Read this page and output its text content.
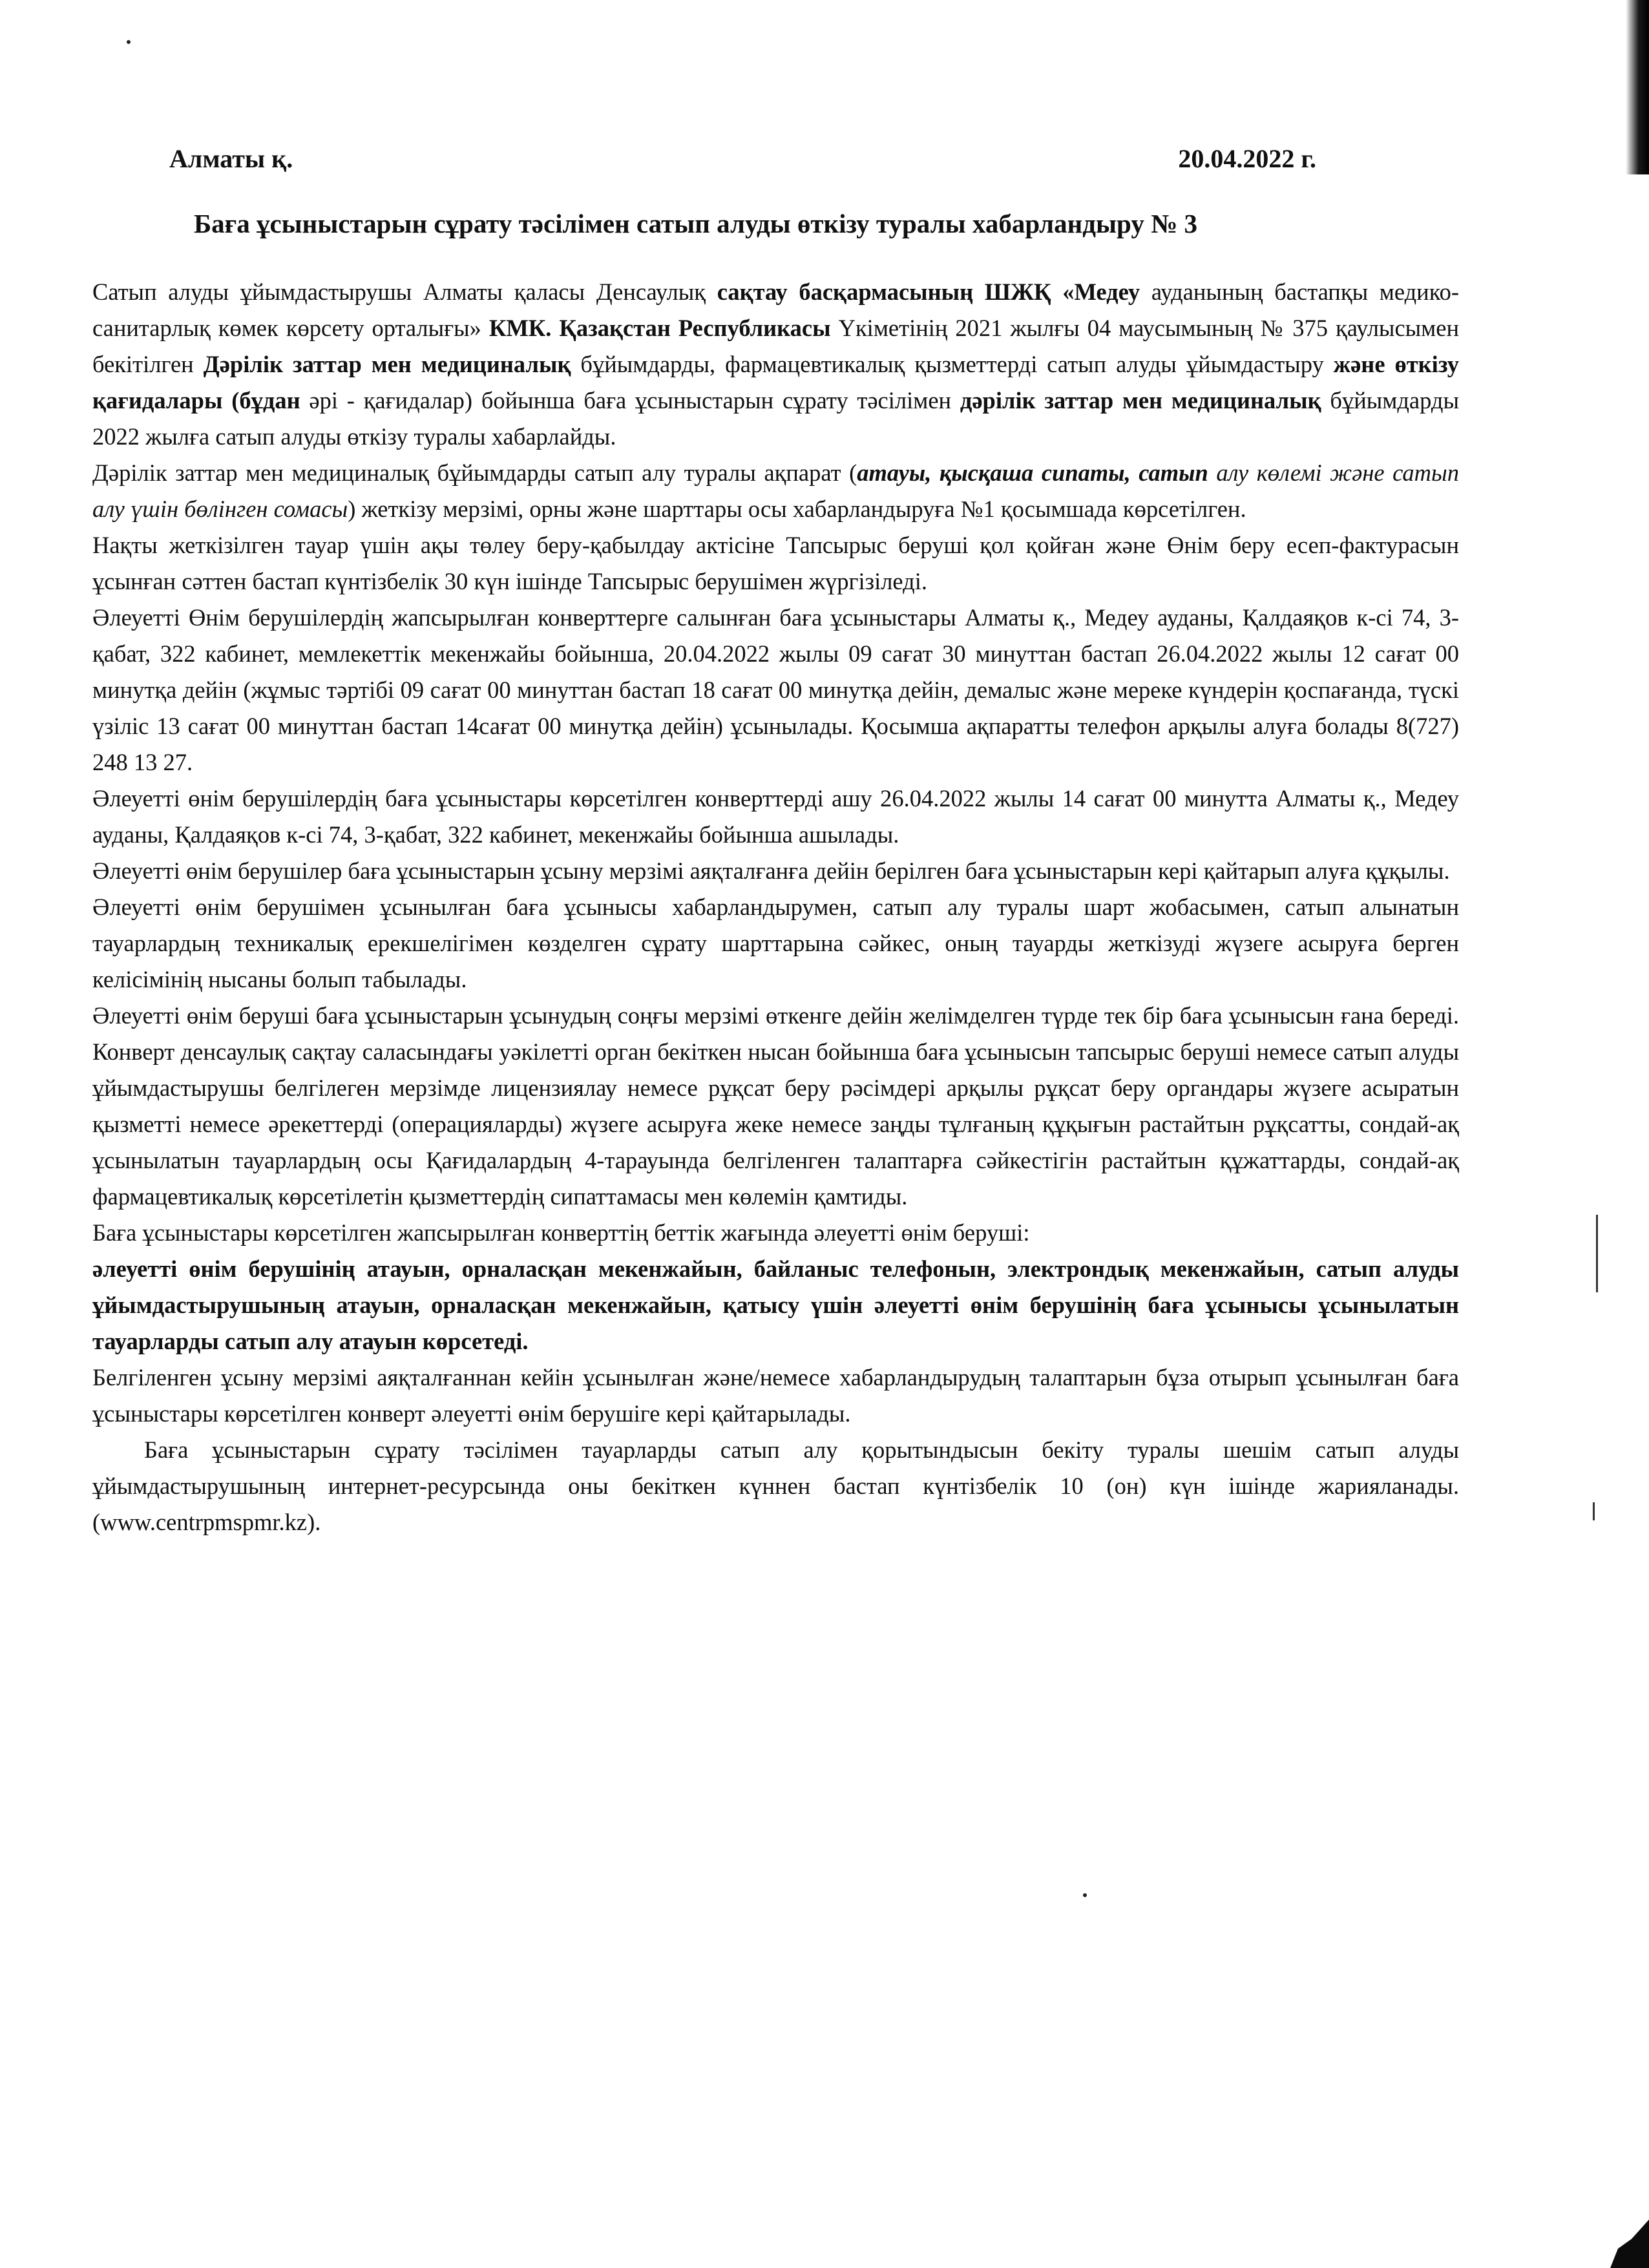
Алматы қ.	20.04.2022 г.
Баға ұсыныстарын сұрату тәсілімен сатып алуды өткізу туралы хабарландыру № 3

Сатып алуды ұйымдастырушы Алматы қаласы Денсаулық сақтау басқармасының ШЖҚ «Медеу ауданының бастапқы медико-санитарлық көмек көрсету орталығы» КМК. Қазақстан Республикасы Үкіметінің 2021 жылғы 04 маусымының № 375 қаулысымен бекітілген Дәрілік заттар мен медициналық бұйымдарды, фармацевтикалық қызметтерді сатып алуды ұйымдастыру және өткізу қағидалары (бұдан әрі - қағидалар) бойынша баға ұсыныстарын сұрату тәсілімен дәрілік заттар мен медициналық бұйымдарды 2022 жылға сатып алуды өткізу туралы хабарлайды.

Дәрілік заттар мен медициналық бұйымдарды сатып алу туралы ақпарат (атауы, қысқаша сипаты, сатып алу көлемі және сатып алу үшін бөлінген сомасы) жеткізу мерзімі, орны және шарттары осы хабарландыруға №1 қосымшада көрсетілген.

Нақты жеткізілген тауар үшін ақы төлеу беру-қабылдау актісіне Тапсырыс беруші қол қойған және Өнім беру есеп-фактурасын ұсынған сәттен бастап күнтізбелік 30 күн ішінде Тапсырыс берушімен жүргізіледі.

Әлеуетті Өнім берушілердің жапсырылған конверттерге салынған баға ұсыныстары Алматы қ., Медеу ауданы, Қалдаяқов к-сі 74, 3-қабат, 322 кабинет, мемлекеттік мекенжайы бойынша, 20.04.2022 жылы 09 сағат 30 минуттан бастап 26.04.2022 жылы 12 сағат 00 минутқа дейін (жұмыс тәртібі 09 сағат 00 минуттан бастап 18 сағат 00 минутқа дейін, демалыс және мереке күндерін қоспағанда, түскі үзіліс 13 сағат 00 минуттан бастап 14сағат 00 минутқа дейін) ұсынылады. Қосымша ақпаратты телефон арқылы алуға болады 8(727) 248 13 27.

Әлеуетті өнім берушілердің баға ұсыныстары көрсетілген конверттерді ашу 26.04.2022 жылы 14 сағат 00 минутта Алматы қ., Медеу ауданы, Қалдаяқов к-сі 74, 3-қабат, 322 кабинет, мекенжайы бойынша ашылады.

Әлеуетті өнім берушілер баға ұсыныстарын ұсыну мерзімі аяқталғанға дейін берілген баға ұсыныстарын кері қайтарып алуға құқылы.

Әлеуетті өнім берушімен ұсынылған баға ұсынысы хабарландырумен, сатып алу туралы шарт жобасымен, сатып алынатын тауарлардың техникалық ерекшелігімен көзделген сұрату шарттарына сәйкес, оның тауарды жеткізуді жүзеге асыруға берген келісімінің нысаны болып табылады.

Әлеуетті өнім беруші баға ұсыныстарын ұсынудың соңғы мерзімі өткенге дейін желімделген түрде тек бір баға ұсынысын ғана береді. Конверт денсаулық сақтау саласындағы уәкілетті орган бекіткен нысан бойынша баға ұсынысын тапсырыс беруші немесе сатып алуды ұйымдастырушы белгілеген мерзімде лицензиялау немесе рұқсат беру рәсімдері арқылы рұқсат беру органдары жүзеге асыратын қызметті немесе әрекеттерді (операцияларды) жүзеге асыруға жеке немесе заңды тұлғаның құқығын растайтын рұқсатты, сондай-ақ ұсынылатын тауарлардың осы Қағидалардың 4-тарауында белгіленген талаптарға сәйкестігін растайтын құжаттарды, сондай-ақ фармацевтикалық көрсетілетін қызметтердің сипаттамасы мен көлемін қамтиды.

Баға ұсыныстары көрсетілген жапсырылған конверттің беттік жағында әлеуетті өнім беруші:

әлеуетті өнім берушінің атауын, орналасқан мекенжайын, байланыс телефонын, электрондық мекенжайын, сатып алуды ұйымдастырушының атауын, орналасқан мекенжайын, қатысу үшін әлеуетті өнім берушінің баға ұсынысы ұсынылатын тауарларды сатып алу атауын көрсетеді.

Белгіленген ұсыну мерзімі аяқталғаннан кейін ұсынылған және/немесе хабарландырудың талаптарын бұза отырып ұсынылған баға ұсыныстары көрсетілген конверт әлеуетті өнім берушіге кері қайтарылады.

Баға ұсыныстарын сұрату тәсілімен тауарларды сатып алу қорытындысын бекіту туралы шешім сатып алуды ұйымдастырушының интернет-ресурсында оны бекіткен күннен бастап күнтізбелік 10 (он) күн ішінде жарияланады. (www.centrpmspmr.kz).
